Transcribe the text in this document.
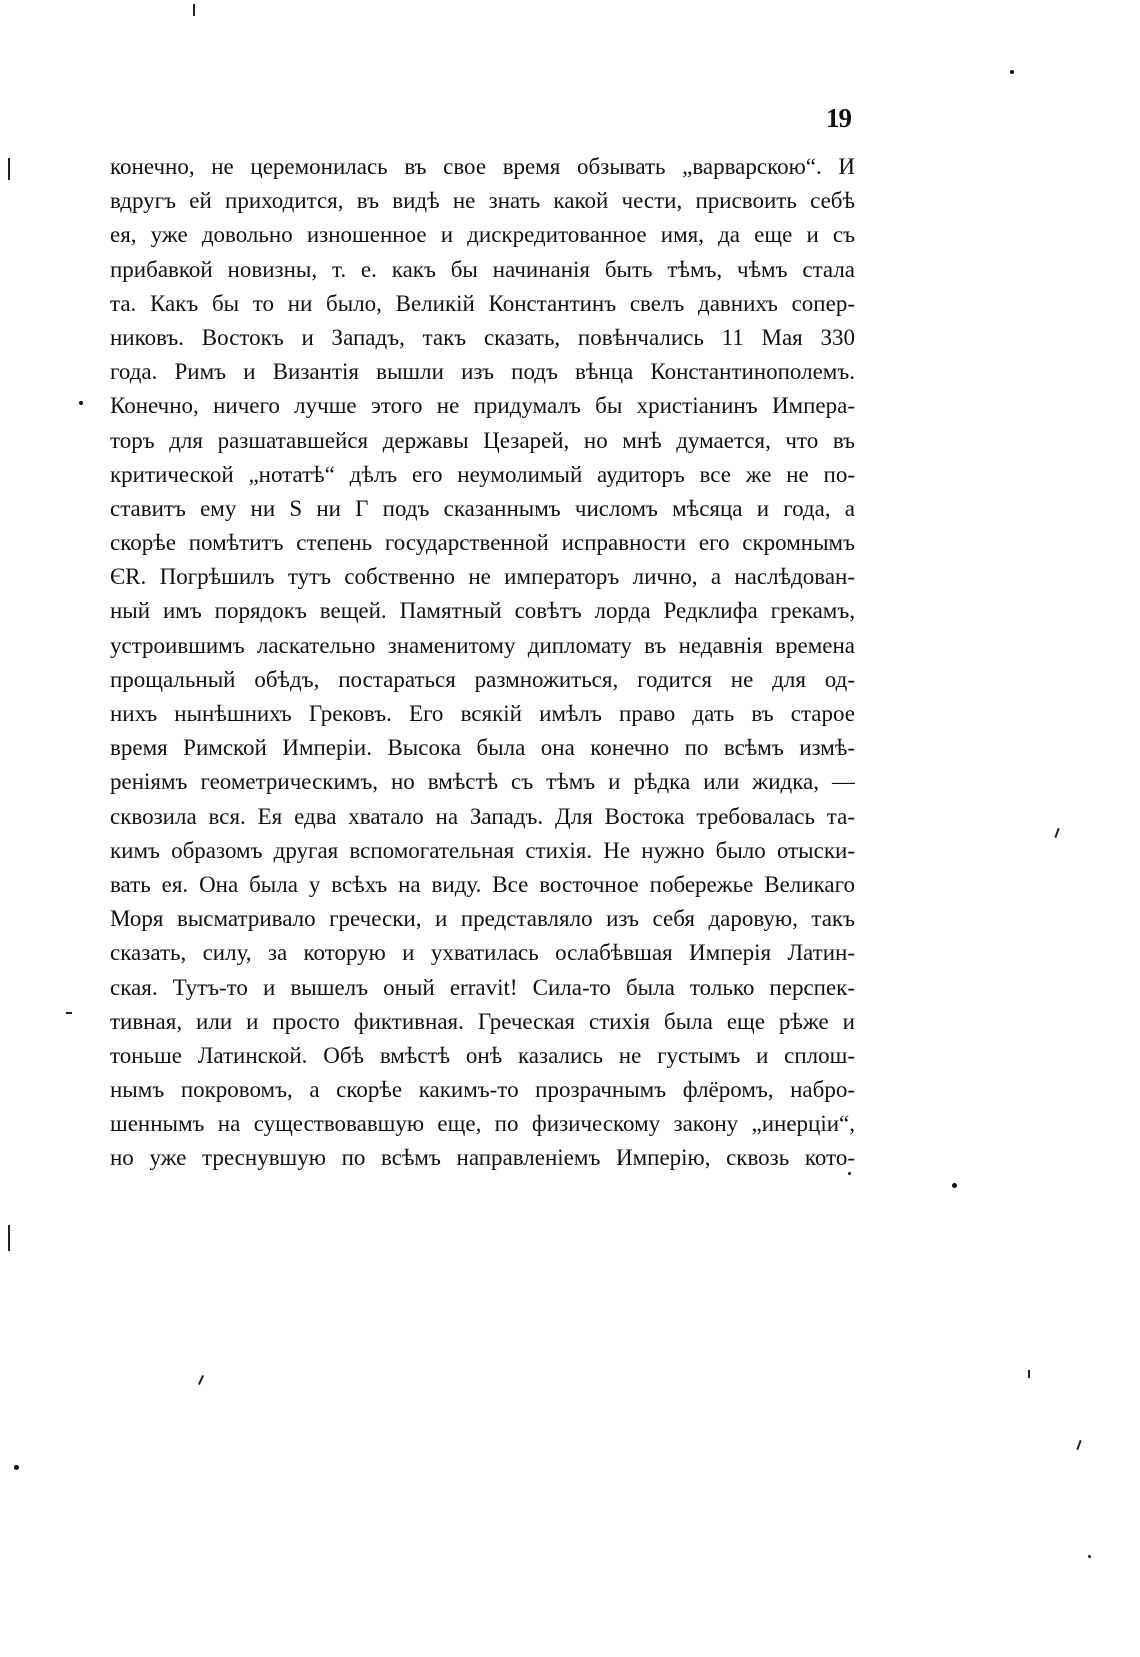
19
конечно, не церемонилась въ свое время обзывать „варварскою“. И
вдругъ ей приходится, въ видѣ не знать какой чести, присвоить себѣ
ея, уже довольно изношенное и дискредитованное имя, да еще и съ
прибавкой новизны, т. е. какъ бы начинанія быть тѣмъ, чѣмъ стала
та. Какъ бы то ни было, Великій Константинъ свелъ давнихъ сопер-
никовъ. Востокъ и Западъ, такъ сказать, повѣнчались 11 Мая 330
года. Римъ и Византія вышли изъ подъ вѣнца Константинополемъ.
Конечно, ничего лучше этого не придумалъ бы христіанинъ Импера-
торъ для разшатавшейся державы Цезарей, но мнѣ думается, что въ
критической „нотатѣ“ дѣлъ его неумолимый аудиторъ все же не по-
ставитъ ему ни S ни Г подъ сказаннымъ числомъ мѣсяца и года, а
скорѣе помѣтитъ степень государственной исправности его скромнымъ
ЄR. Погрѣшилъ тутъ собственно не императоръ лично, а наслѣдован-
ный имъ порядокъ вещей. Памятный совѣтъ лорда Редклифа грекамъ,
устроившимъ ласкательно знаменитому дипломату въ недавнія времена
прощальный обѣдъ, постараться размножиться, годится не для од-
нихъ нынѣшнихъ Грековъ. Его всякій имѣлъ право дать въ старое
время Римской Имперіи. Высока была она конечно по всѣмъ измѣ-
реніямъ геометрическимъ, но вмѣстѣ съ тѣмъ и рѣдка или жидка, —
сквозила вся. Ея едва хватало на Западъ. Для Востока требовалась та-
кимъ образомъ другая вспомогательная стихія. Не нужно было отыски-
вать ея. Она была у всѣхъ на виду. Все восточное побережье Великаго
Моря высматривало гречески, и представляло изъ себя даровую, такъ
сказать, силу, за которую и ухватилась ослабѣвшая Имперія Латин-
ская. Тутъ-то и вышелъ оный erravit! Сила-то была только перспек-
тивная, или и просто фиктивная. Греческая стихія была еще рѣже и
тоньше Латинской. Обѣ вмѣстѣ онѣ казались не густымъ и сплош-
нымъ покровомъ, а скорѣе какимъ-то прозрачнымъ флёромъ, набро-
шеннымъ на существовавшую еще, по физическому закону „инерціи“,
но уже треснувшую по всѣмъ направленіемъ Имперію, сквозь кото-
